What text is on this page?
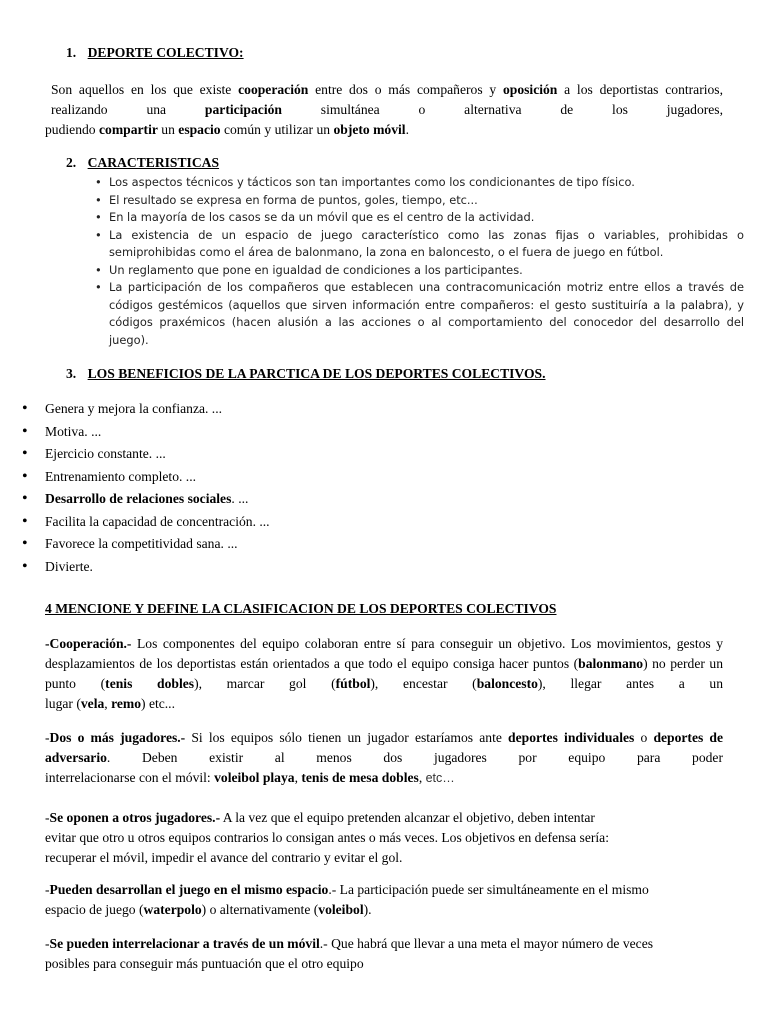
1. DEPORTE COLECTIVO:
Son aquellos en los que existe cooperación entre dos o más compañeros y oposición a los deportistas contrarios, realizando una participación simultánea o alternativa de los jugadores,
pudiendo compartir un espacio común y utilizar un objeto móvil.
2. CARACTERISTICAS
• Los aspectos técnicos y tácticos son tan importantes como los condicionantes de tipo físico.
• El resultado se expresa en forma de puntos, goles, tiempo, etc...
• En la mayoría de los casos se da un móvil que es el centro de la actividad.
• La existencia de un espacio de juego característico como las zonas fijas o variables, prohibidas o semiprohibidas como el área de balonmano, la zona en baloncesto, o el fuera de juego en fútbol.
• Un reglamento que pone en igualdad de condiciones a los participantes.
• La participación de los compañeros que establecen una contracomunicación motriz entre ellos a través de códigos gestémicos (aquellos que sirven información entre compañeros: el gesto sustituiría a la palabra), y códigos praxémicos (hacen alusión a las acciones o al comportamiento del conocedor del desarrollo del juego).
3. LOS BENEFICIOS DE LA PARCTICA DE LOS DEPORTES COLECTIVOS.
• Genera y mejora la confianza. ...
• Motiva. ...
• Ejercicio constante. ...
• Entrenamiento completo. ...
• Desarrollo de relaciones sociales. ...
• Facilita la capacidad de concentración. ...
• Favorece la competitividad sana. ...
• Divierte.
4 MENCIONE Y DEFINE LA CLASIFICACION DE LOS DEPORTES COLECTIVOS
-Cooperación.- Los componentes del equipo colaboran entre sí para conseguir un objetivo. Los movimientos, gestos y desplazamientos de los deportistas están orientados a que todo el equipo consiga hacer puntos (balonmano) no perder un punto (tenis dobles), marcar gol (fútbol), encestar (baloncesto), llegar antes a un
lugar (vela, remo) etc...
-Dos o más jugadores.- Si los equipos sólo tienen un jugador estaríamos ante deportes individuales o deportes de adversario. Deben existir al menos dos jugadores por equipo para poder
interrelacionarse con el móvil: voleibol playa, tenis de mesa dobles, etc…
-Se oponen a otros jugadores.- A la vez que el equipo pretenden alcanzar el objetivo, deben intentar
evitar que otro u otros equipos contrarios lo consigan antes o más veces. Los objetivos en defensa sería:
recuperar el móvil, impedir el avance del contrario y evitar el gol.
-Pueden desarrollan el juego en el mismo espacio.- La participación puede ser simultáneamente en el mismo
espacio de juego (waterpolo) o alternativamente (voleibol).
-Se pueden interrelacionar a través de un móvil.- Que habrá que llevar a una meta el mayor número de veces
posibles para conseguir más puntuación que el otro equipo
